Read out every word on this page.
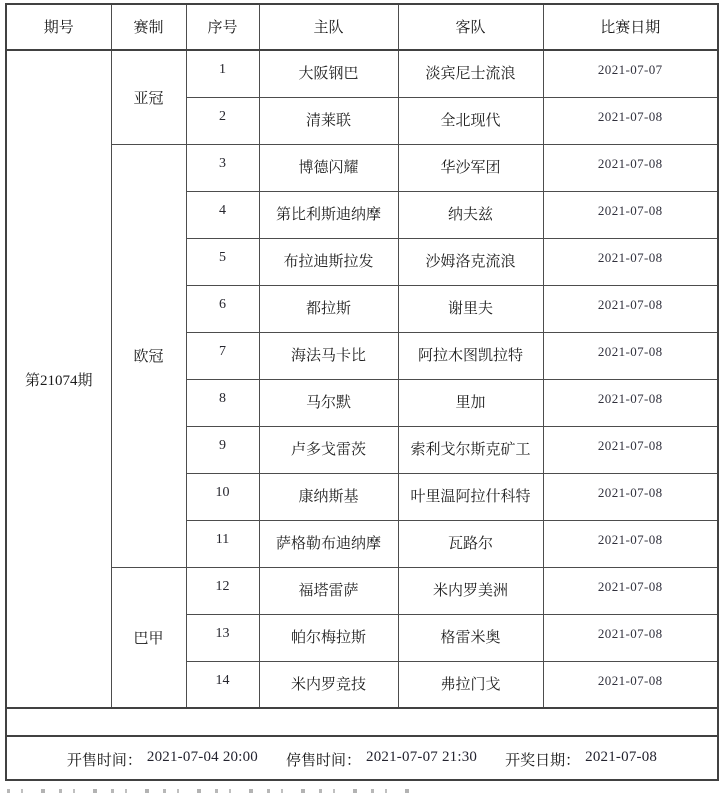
期号	赛制	序号	主队	客队	比赛日期
第21074期	亚冠	1	大阪钢巴	淡宾尼士流浪	2021-07-07
		2	清莱联	全北现代	2021-07-08
	欧冠	3	博德闪耀	华沙军团	2021-07-08
		4	第比利斯迪纳摩	纳夫兹	2021-07-08
		5	布拉迪斯拉发	沙姆洛克流浪	2021-07-08
		6	都拉斯	谢里夫	2021-07-08
		7	海法马卡比	阿拉木图凯拉特	2021-07-08
		8	马尔默	里加	2021-07-08
		9	卢多戈雷茨	索利戈尔斯克矿工	2021-07-08
		10	康纳斯基	叶里温阿拉什科特	2021-07-08
		11	萨格勒布迪纳摩	瓦路尔	2021-07-08
	巴甲	12	福塔雷萨	米内罗美洲	2021-07-08
		13	帕尔梅拉斯	格雷米奥	2021-07-08
		14	米内罗竞技	弗拉门戈	2021-07-08

开售时间： 2021-07-04 20:00 停售时间： 2021-07-07 21:30 开奖日期： 2021-07-08
